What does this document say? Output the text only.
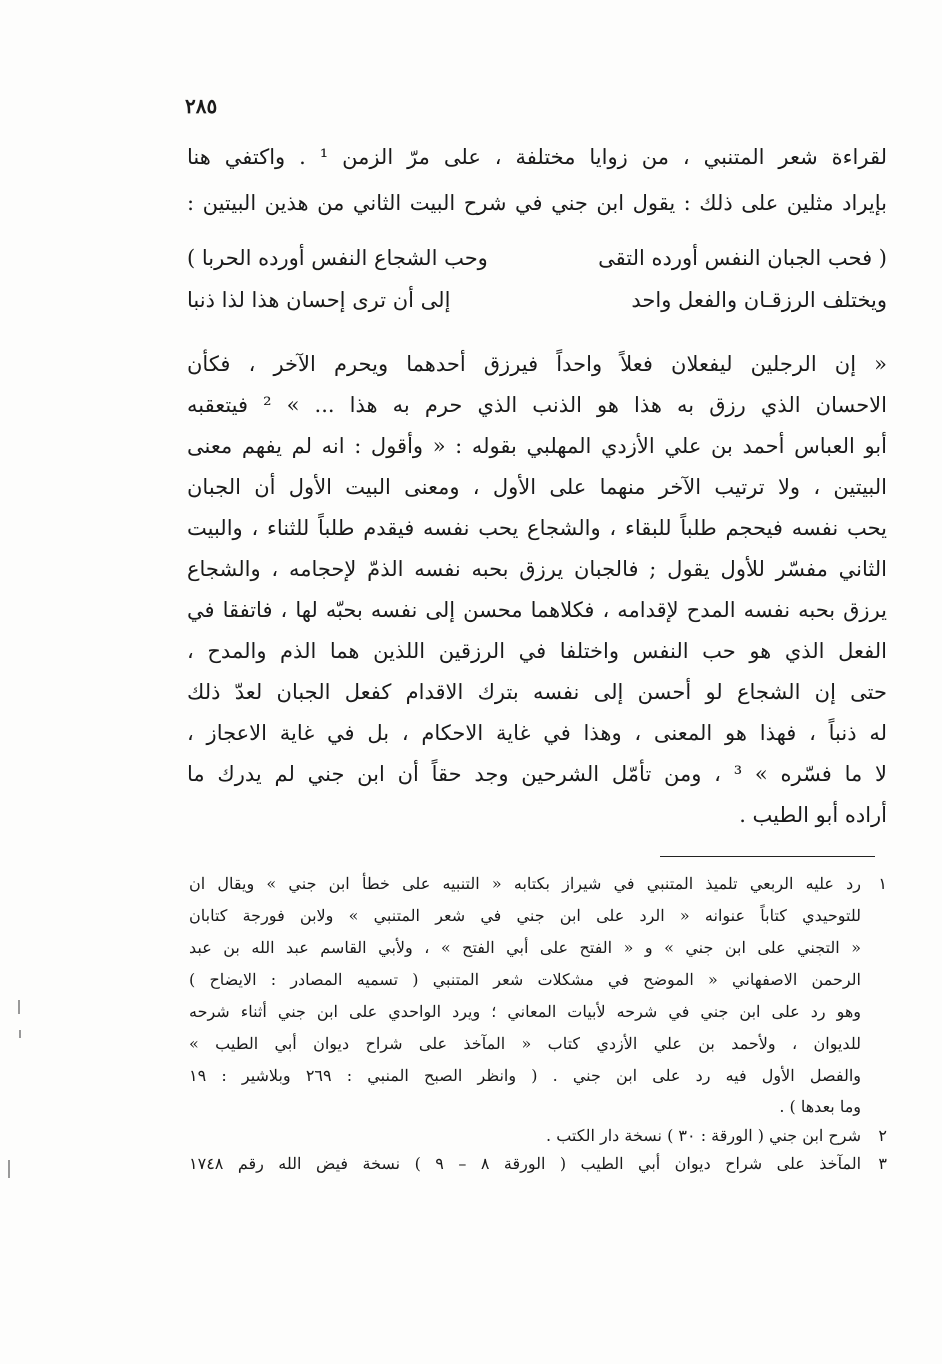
٢٨٥
لقراءة شعر المتنبي ، من زوايا مختلفة ، على مرّ الزمن ¹ . واكتفي هنا
بإيراد مثلين على ذلك : يقول ابن جني في شرح البيت الثاني من هذين البيتين :
( فحب الجبان النفس أورده التقى
وحب الشجاع النفس أورده الحربا )
ويختلف الرزقـان والفعل واحد
إلى أن ترى إحسان هذا لذا ذنبا
« إن الرجلين ليفعلان فعلاً واحداً فيرزق أحدهما ويحرم الآخر ، فكأن
الاحسان الذي رزق به هذا هو الذنب الذي حرم به هذا ... » ² فيتعقبه
أبو العباس أحمد بن علي الأزدي المهلبي بقوله : « وأقول : انه لم يفهم معنى
البيتين ، ولا ترتيب الآخر منهما على الأول ، ومعنى البيت الأول أن الجبان
يحب نفسه فيحجم طلباً للبقاء ، والشجاع يحب نفسه فيقدم طلباً للثناء ، والبيت
الثاني مفسّر للأول يقول ; فالجبان يرزق بحبه نفسه الذمّ لإحجامه ، والشجاع
يرزق بحبه نفسه المدح لإقدامه ، فكلاهما محسن إلى نفسه بحبّه لها ، فاتفقا في
الفعل الذي هو حب النفس واختلفا في الرزقين اللذين هما الذم والمدح ،
حتى إن الشجاع لو أحسن إلى نفسه بترك الاقدام كفعل الجبان لعدّ ذلك
له ذنباً ، فهذا هو المعنى ، وهذا في غاية الاحكام ، بل في غاية الاعجاز ،
لا ما فسّره » ³ ، ومن تأمّل الشرحين وجد حقاً أن ابن جني لم يدرك ما
أراده أبو الطيب .
١رد عليه الربعي تلميذ المتنبي في شيراز بكتابه « التنبيه على خطأ ابن جني » ويقال ان
للتوحيدي كتاباً عنوانه « الرد على ابن جني في شعر المتنبي » ولابن فورجة كتابان
« التجني على ابن جني » و « الفتح على أبي الفتح » ، ولأبي القاسم عبد الله بن عبد
الرحمن الاصفهاني « الموضح في مشكلات شعر المتنبي ( تسميه المصادر : الايضاح )
وهو رد على ابن جني في شرحه لأبيات المعاني ؛ ويرد الواحدي على ابن جني أثناء شرحه
للديوان ، ولأحمد بن علي الأزدي كتاب « المآخذ على شراح ديوان أبي الطيب »
والفصل الأول فيه رد على ابن جني . ( وانظر الصبح المنبي : ٢٦٩ وبلاشير : ١٩
وما بعدها ) .
٢شرح ابن جني ( الورقة : ٣٠ ) نسخة دار الكتب .
٣المآخذ على شراح ديوان أبي الطيب ( الورقة ٨ – ٩ ) نسخة فيض الله رقم ١٧٤٨
